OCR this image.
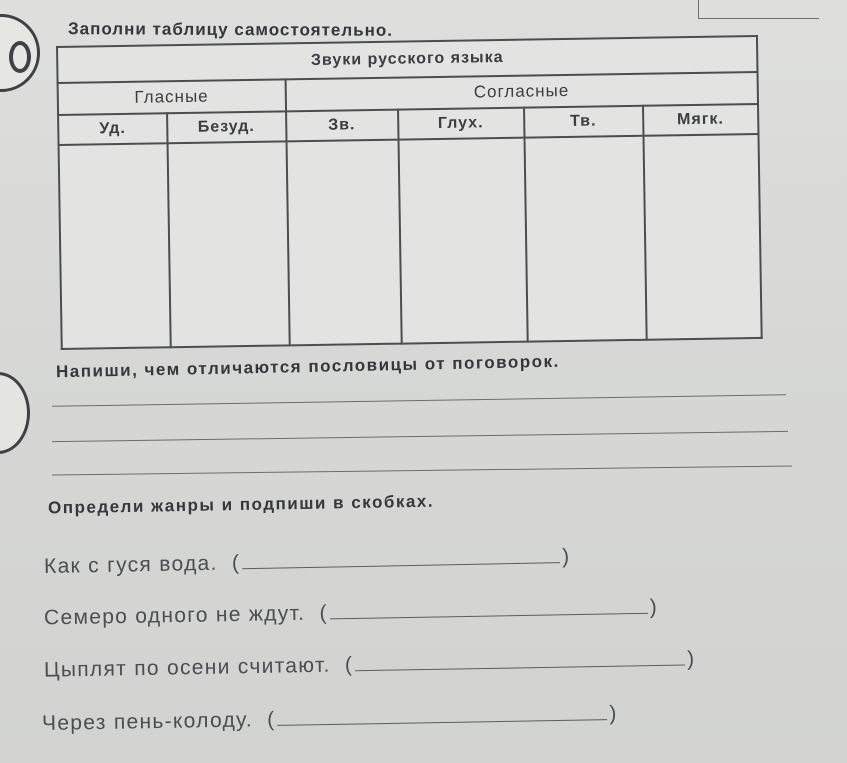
Заполни таблицу самостоятельно.
Звуки русского языка					
Гласные		Согласные			
Уд.	Безуд.	Зв.	Глух.	Тв.	Мягк.

Напиши, чем отличаются пословицы от поговорок.
Определи жанры и подпиши в скобках.
Как с гуся вода.
(	)
Семеро одного не ждут.
(	)
Цыплят по осени считают.
(	)
Через пень-колоду.
(	)
